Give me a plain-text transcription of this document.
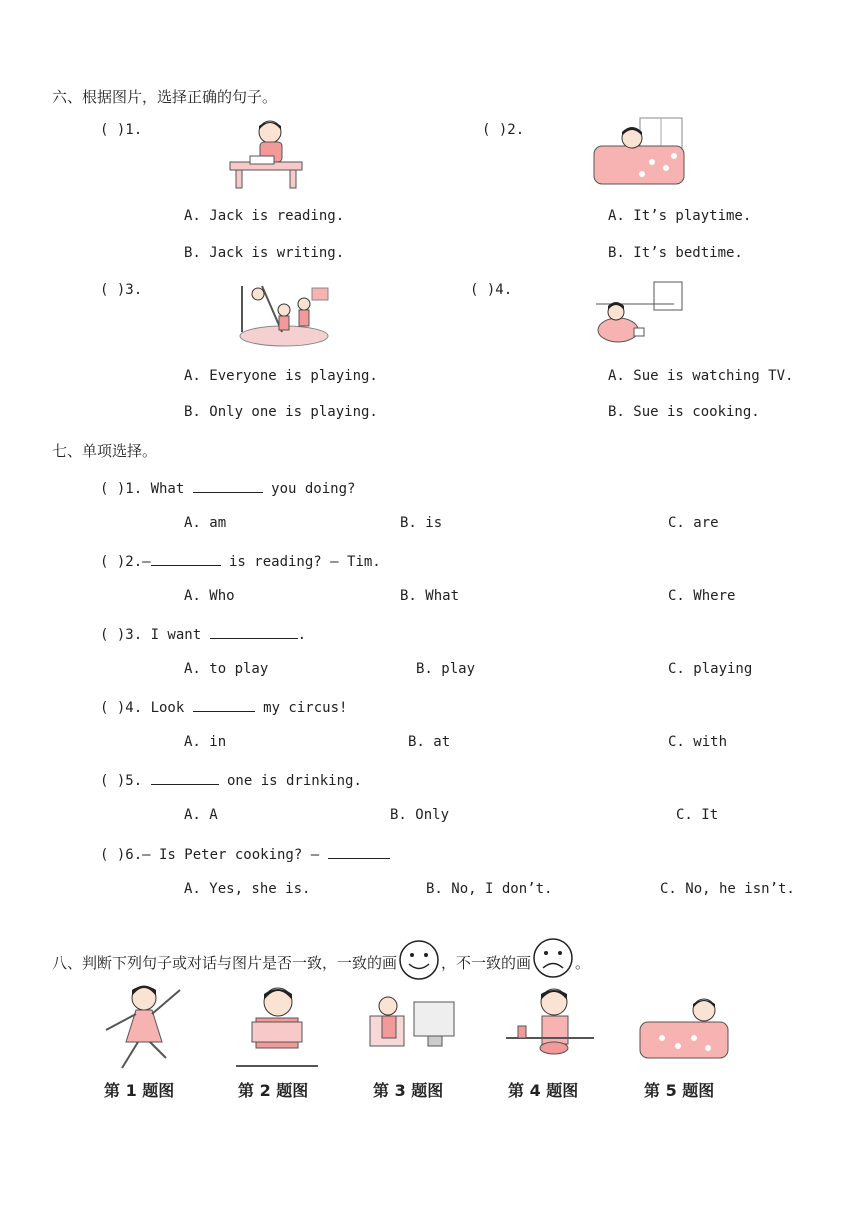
六、根据图片，选择正确的句子。
( )1.	( )2.
A. Jack is reading.
B. Jack is writing.
A. It’s playtime.
B. It’s bedtime.
( )3.	( )4.
A. Everyone is playing.
B. Only one is playing.
A. Sue is watching TV.
B. Sue is cooking.
七、单项选择。
( )1. What	you doing?
A. am	B. is	C. are
( )2.—	is reading? — Tim.
A. Who	B. What	C. Where
( )3. I want	.
A. to play	B. play	C. playing
( )4. Look	my circus!
A. in	B. at	C. with
( )5.	one is drinking.
A. A	B. Only	C. It
( )6.— Is Peter cooking? —
A. Yes, she is.	B. No, I don’t.	C. No, he isn’t.
八、判断下列句子或对话与图片是否一致，一致的画	，不一致的画	。
第 1 题图	第 2 题图	第 3 题图	第 4 题图	第 5 题图
